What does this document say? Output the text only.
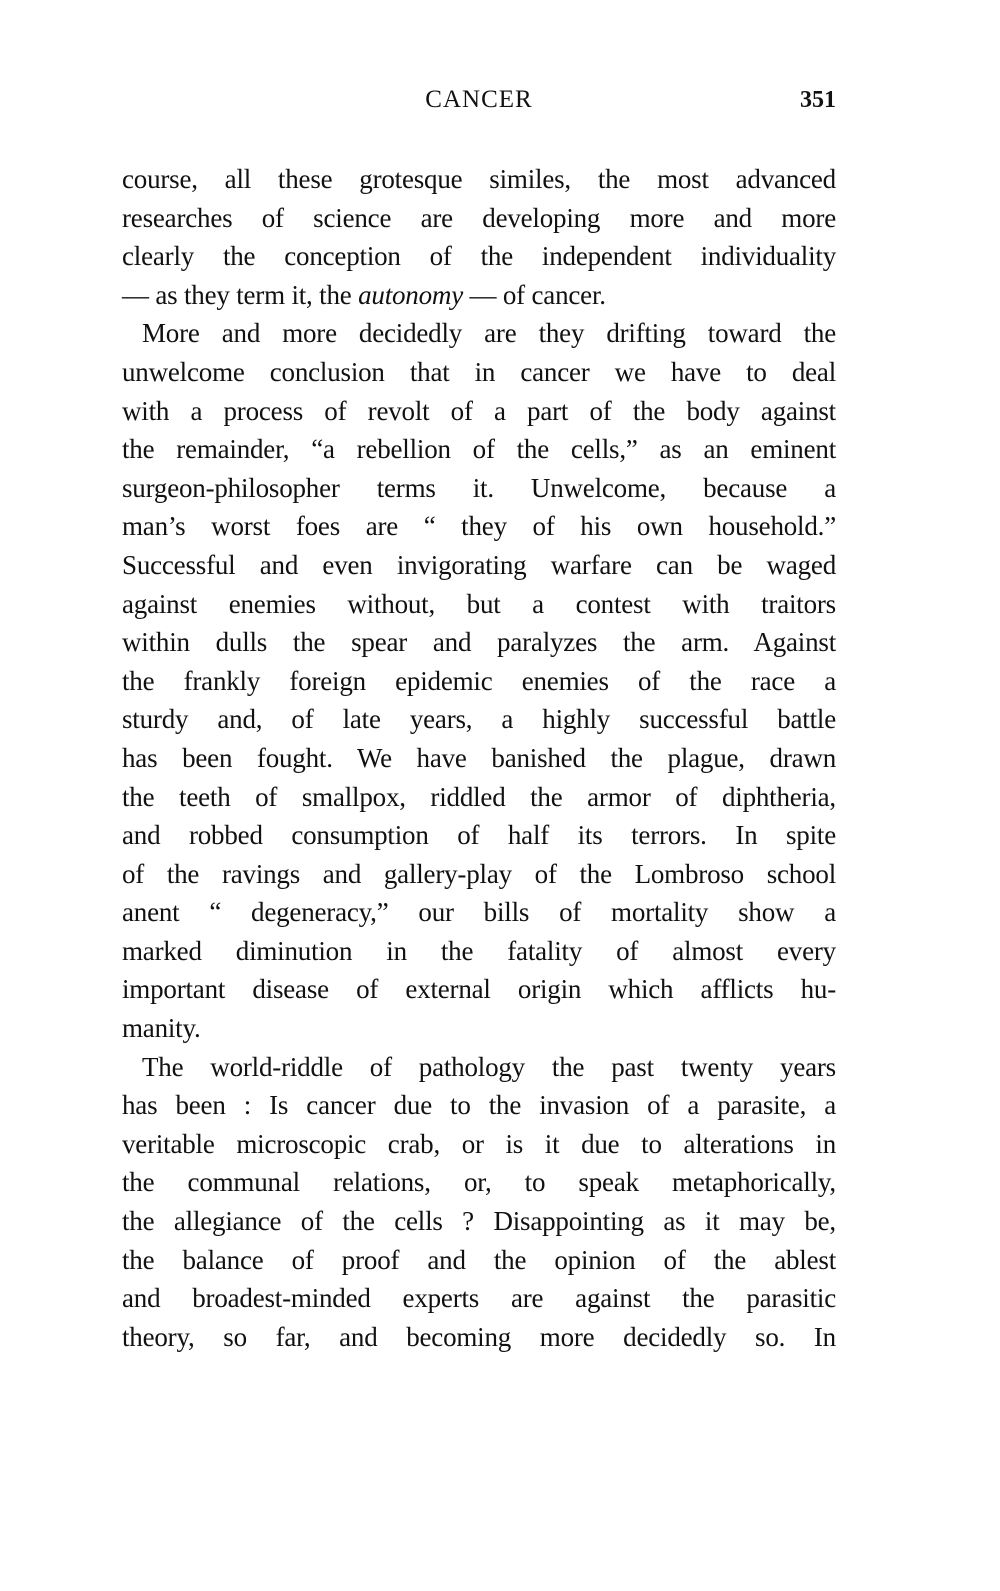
CANCER	351
course, all these grotesque similes, the most advanced
researches of science are developing more and more
clearly the conception of the independent individuality
— as they term it, the autonomy — of cancer.
More and more decidedly are they drifting toward the
unwelcome conclusion that in cancer we have to deal
with a process of revolt of a part of the body against
the remainder, “a rebellion of the cells,” as an eminent
surgeon-philosopher terms it. Unwelcome, because a
man’s worst foes are “ they of his own household.”
Successful and even invigorating warfare can be waged
against enemies without, but a contest with traitors
within dulls the spear and paralyzes the arm. Against
the frankly foreign epidemic enemies of the race a
sturdy and, of late years, a highly successful battle
has been fought. We have banished the plague, drawn
the teeth of smallpox, riddled the armor of diphtheria,
and robbed consumption of half its terrors. In spite
of the ravings and gallery-play of the Lombroso school
anent “ degeneracy,” our bills of mortality show a
marked diminution in the fatality of almost every
important disease of external origin which afflicts hu-
manity.
The world-riddle of pathology the past twenty years
has been : Is cancer due to the invasion of a parasite, a
veritable microscopic crab, or is it due to alterations in
the communal relations, or, to speak metaphorically,
the allegiance of the cells ? Disappointing as it may be,
the balance of proof and the opinion of the ablest
and broadest-minded experts are against the parasitic
theory, so far, and becoming more decidedly so. In
